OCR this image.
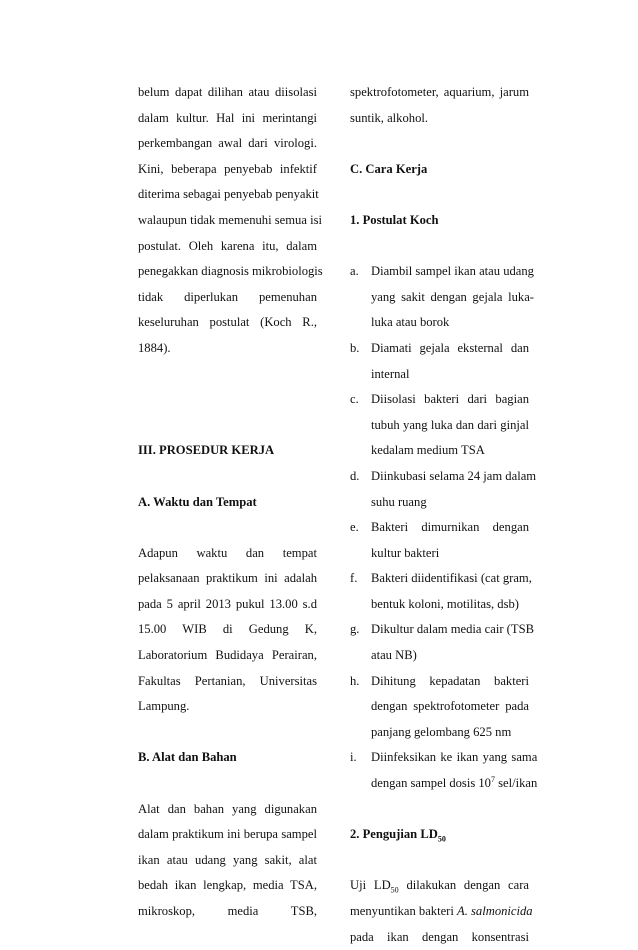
belum dapat dilihan atau diisolasi
dalam kultur. Hal ini merintangi
perkembangan awal dari virologi.
Kini, beberapa penyebab infektif
diterima sebagai penyebab penyakit
walaupun tidak memenuhi semua isi
postulat. Oleh karena itu, dalam
penegakkan diagnosis mikrobiologis
tidak diperlukan pemenuhan
keseluruhan postulat (Koch R.,
1884).
III. PROSEDUR KERJA
A. Waktu dan Tempat
Adapun waktu dan tempat
pelaksanaan praktikum ini adalah
pada 5 april 2013 pukul 13.00 s.d
15.00 WIB di Gedung K,
Laboratorium Budidaya Perairan,
Fakultas Pertanian, Universitas
Lampung.
B. Alat dan Bahan
Alat dan bahan yang digunakan
dalam praktikum ini berupa sampel
ikan atau udang yang sakit, alat
bedah ikan lengkap, media TSA,
mikroskop, media TSB,
spektrofotometer, aquarium, jarum
suntik, alkohol.
C. Cara Kerja
1. Postulat Koch
a. Diambil sampel ikan atau udang
yang sakit dengan gejala luka-
luka atau borok
b. Diamati gejala eksternal dan
internal
c. Diisolasi bakteri dari bagian
tubuh yang luka dan dari ginjal
kedalam medium TSA
d. Diinkubasi selama 24 jam dalam
suhu ruang
e. Bakteri dimurnikan dengan
kultur bakteri
f.	Bakteri diidentifikasi (cat gram,
bentuk koloni, motilitas, dsb)
g. Dikultur dalam media cair (TSB
atau NB)
h. Dihitung kepadatan bakteri
dengan spektrofotometer pada
panjang gelombang 625 nm
i.	Diinfeksikan ke ikan yang sama
dengan sampel dosis $10^7$ sel/ikan
2. Pengujian $LD_{50}$
Uji $LD_{50}$ dilakukan dengan cara
menyuntikan bakteri A. salmonicida
pada ikan dengan konsentrasi
